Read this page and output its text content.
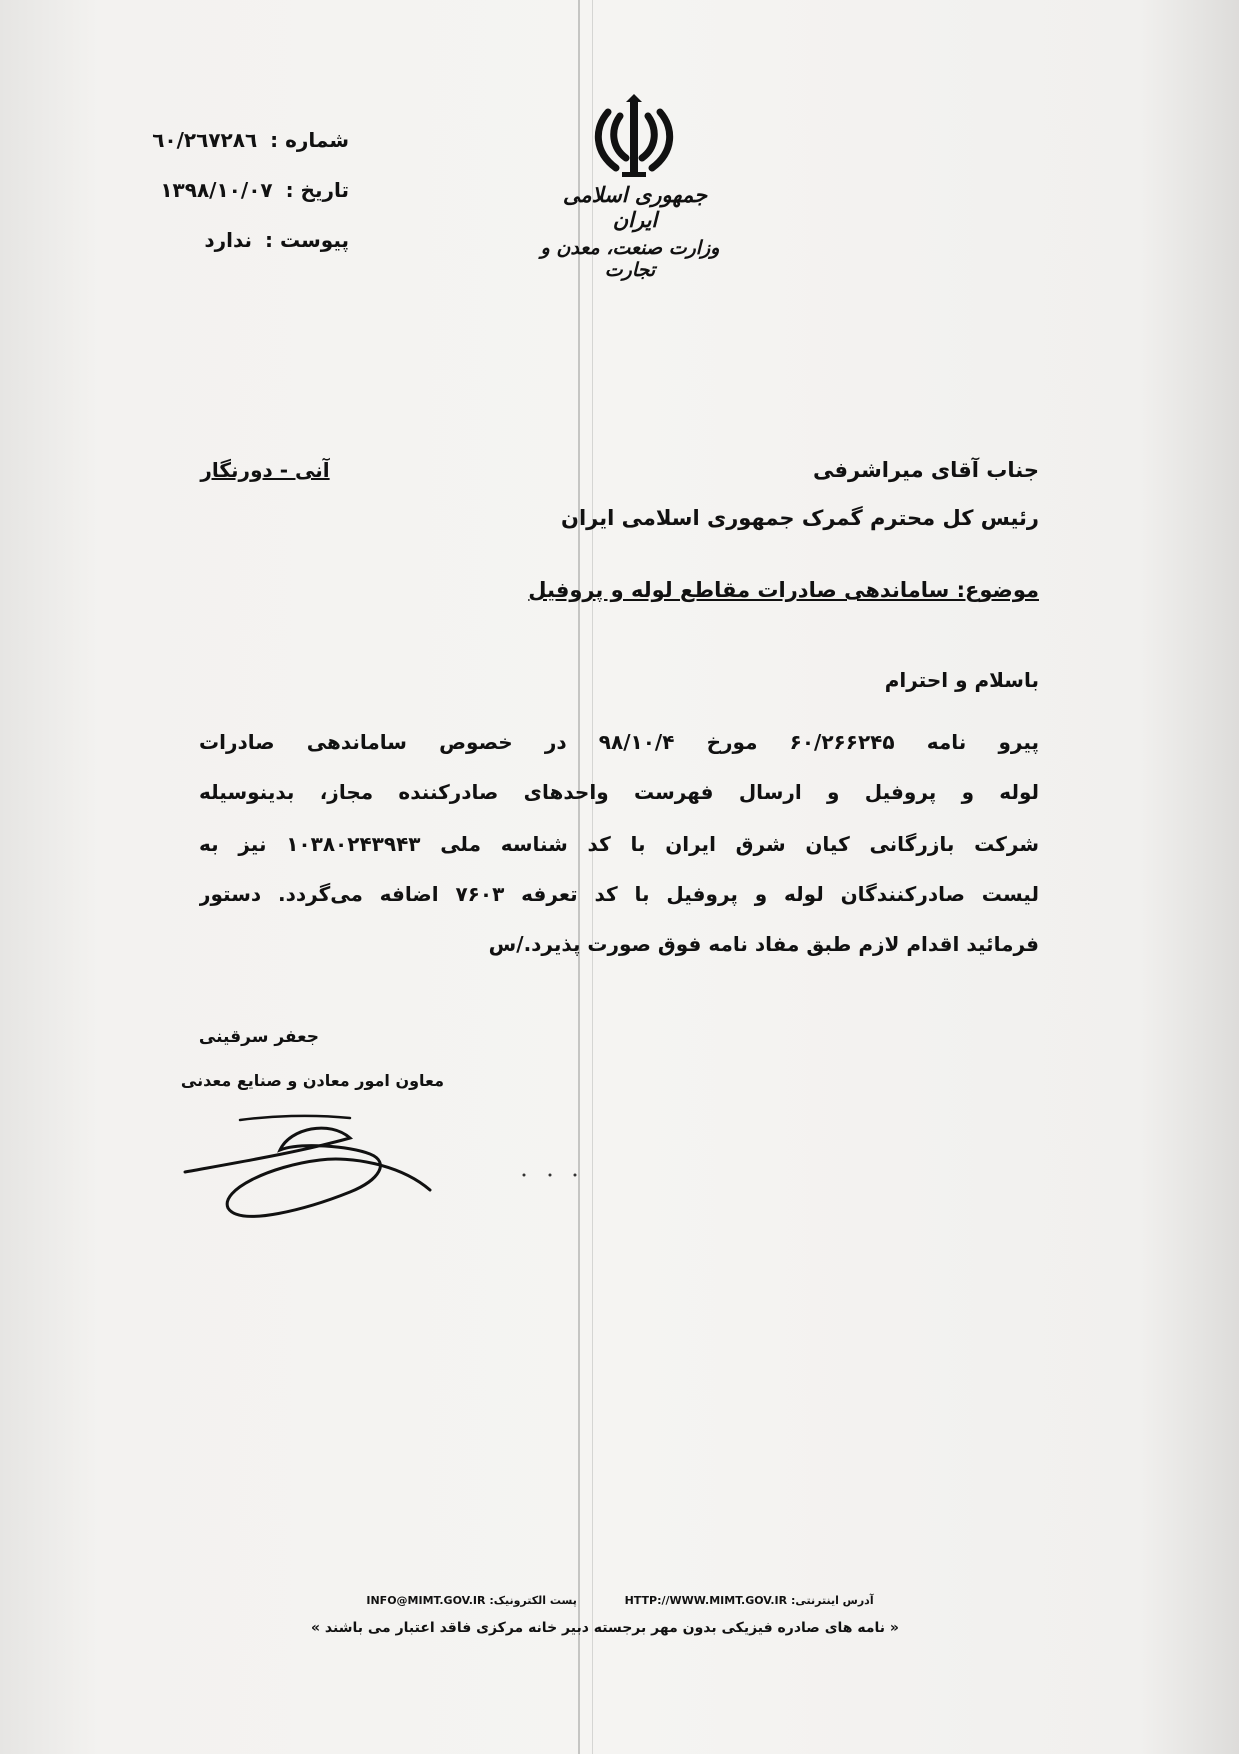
جمهوری اسلامی ایران
وزارت صنعت، معدن و تجارت
شماره : ٦٠/٢٦٧٢٨٦
تاریخ : ١٣٩٨/١٠/٠٧
پیوست : ندارد
آنی - دورنگار	جناب آقای میراشرفی
رئیس کل محترم گمرک جمهوری اسلامی ایران
موضوع: ساماندهی صادرات مقاطع لوله و پروفیل
باسلام و احترام
پیرو نامه ۶۰/۲۶۶۲۴۵ مورخ ۹۸/۱۰/۴ در خصوص ساماندهی صادرات
لوله و پروفیل و ارسال فهرست واحدهای صادرکننده مجاز، بدینوسیله
شرکت بازرگانی کیان شرق ایران با کد شناسه ملی ۱۰۳۸۰۲۴۳۹۴۳ نیز به
لیست صادرکنندگان لوله و پروفیل با کد تعرفه ۷۶۰۳ اضافه می‌گردد. دستور
فرمائید اقدام لازم طبق مفاد نامه فوق صورت پذیرد./س
جعفر سرقینی
معاون امور معادن و صنایع معدنی
آدرس اینترنتی: HTTP://WWW.MIMT.GOV.IR  پست الکترونیک: INFO@MIMT.GOV.IR
« نامه های صادره فیزیکی بدون مهر برجسته دبیر خانه مرکزی فاقد اعتبار می باشند »
